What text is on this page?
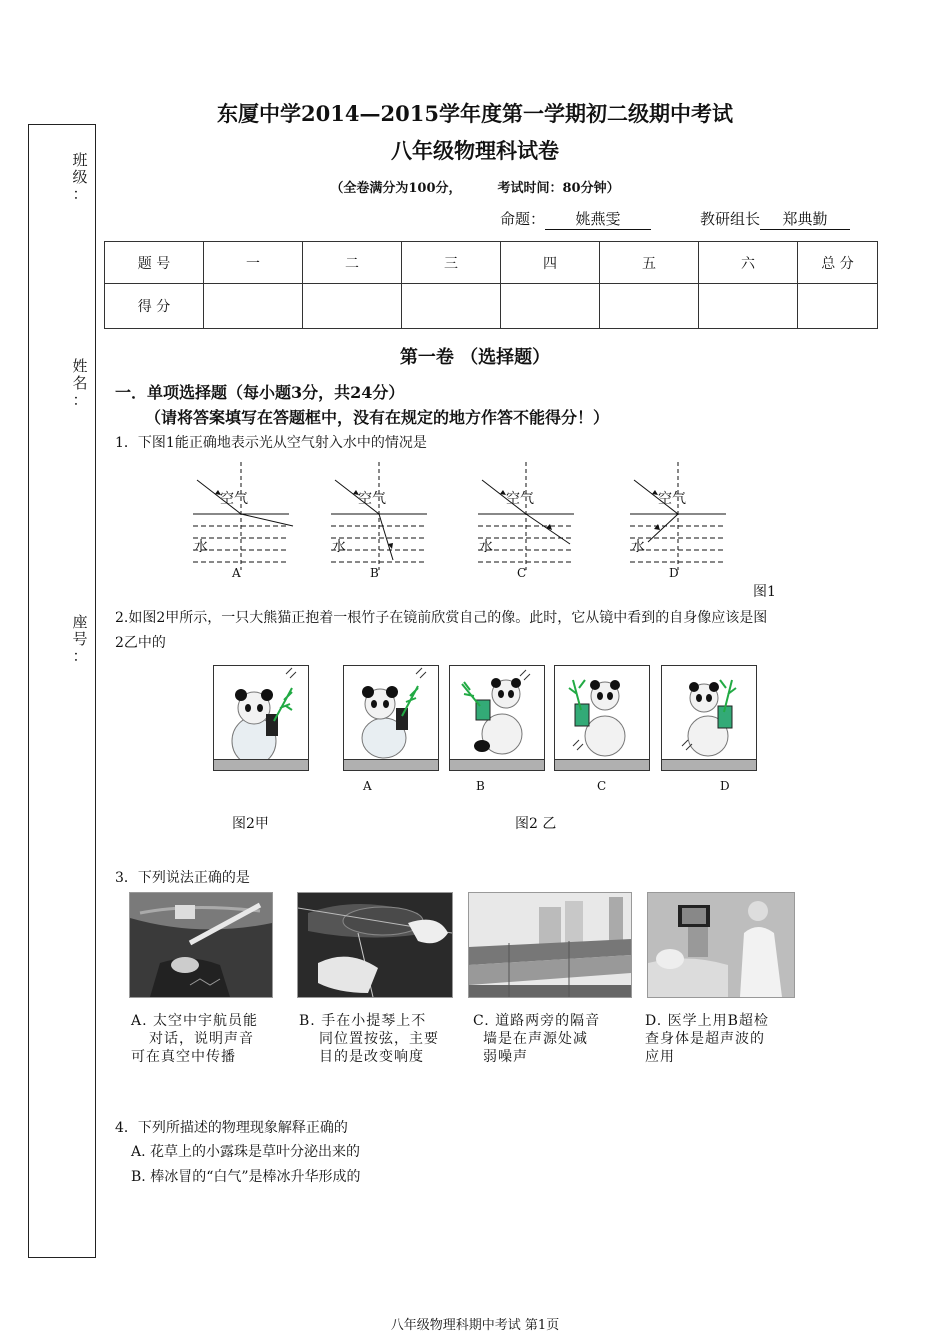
班
级
：
姓
名
：
座
号
：
东厦中学2014—2015学年度第一学期初二级期中考试
八年级物理科试卷
（全卷满分为100分，	考试时间：80分钟）
命题： 姚燕雯	教研组长 郑典勤
题 号	一	二	三	四	五	六	总 分
得 分							
第一卷 （选择题）
一．单项选择题（每小题3分，共24分）
（请将答案填写在答题框中，没有在规定的地方作答不能得分！）
1．下图1能正确地表示光从空气射入水中的情况是
空气	空气	空气	空气
水	水	水	水
A	B	C	D
图1
2.如图2甲所示，一只大熊猫正抱着一根竹子在镜前欣赏自己的像。此时，它从镜中看到的自身像应该是图
2乙中的
A	B	C	D
图2甲	图2 乙
3．下列说法正确的是
A. 太空中宇航员能
对话，说明声音
可在真空中传播
B. 手在小提琴上不
同位置按弦，主要
目的是改变响度
C. 道路两旁的隔音
墙是在声源处减
弱噪声
D. 医学上用B超检
查身体是超声波的
应用
4．下列所描述的物理现象解释正确的
A. 花草上的小露珠是草叶分泌出来的
B. 棒冰冒的“白气”是棒冰升华形成的
八年级物理科期中考试 第1页
